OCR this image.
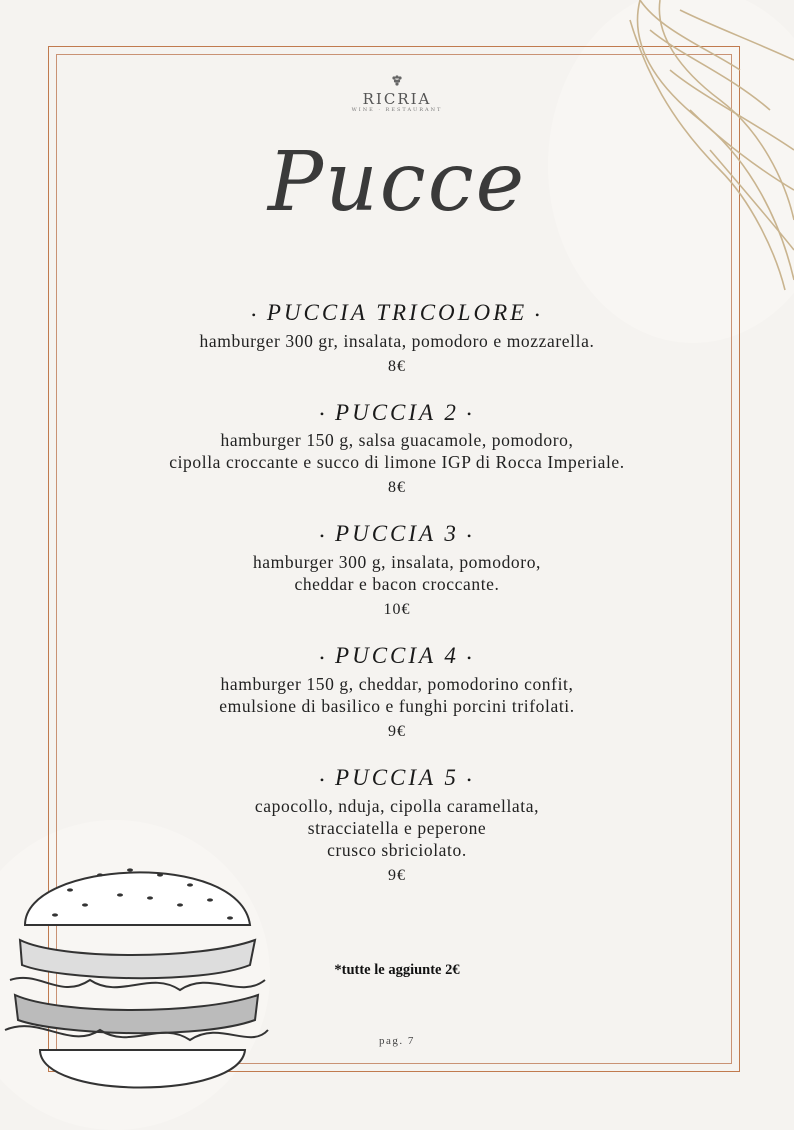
RICRIA
WINE · RESTAURANT
Pucce
• PUCCIA TRICOLORE •
hamburger 300 gr, insalata, pomodoro e mozzarella.
8€
• PUCCIA 2 •
hamburger 150 g, salsa guacamole, pomodoro,
cipolla croccante e succo di limone IGP di Rocca Imperiale.
8€
• PUCCIA 3 •
hamburger 300 g, insalata, pomodoro,
cheddar e bacon croccante.
10€
• PUCCIA 4 •
hamburger 150 g, cheddar, pomodorino confit,
emulsione di basilico e funghi porcini trifolati.
9€
• PUCCIA 5 •
capocollo, nduja, cipolla caramellata,
stracciatella e peperone
crusco sbriciolato.
9€
*tutte le aggiunte 2€
pag. 7
